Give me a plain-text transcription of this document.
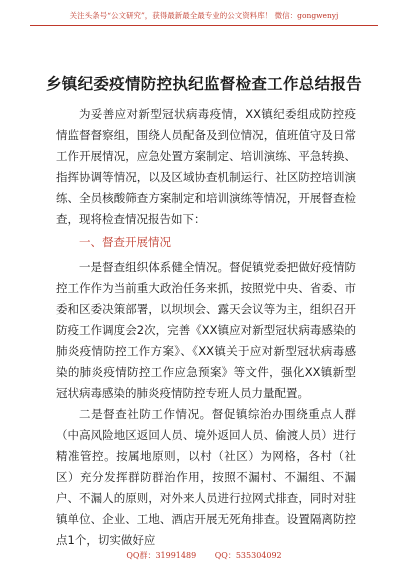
关注头条号“公文研究”，获得最新最全最专业的公文资料库！ 微信：gongwenyj
乡镇纪委疫情防控执纪监督检查工作总结报告

为妥善应对新型冠状病毒疫情，XX镇纪委组成防控疫情监督督察组，围绕人员配备及到位情况，值班值守及日常工作开展情况，应急处置方案制定、培训演练、平急转换、指挥协调等情况，以及区域协查机制运行、社区防控培训演练、全员核酸筛查方案制定和培训演练等情况，开展督查检查，现将检查情况报告如下：

一、督查开展情况

一是督查组织体系健全情况。督促镇党委把做好疫情防控工作作为当前重大政治任务来抓，按照党中央、省委、市委和区委决策部署，以坝坝会、露天会议等为主，组织召开防疫工作调度会2次，完善《XX镇应对新型冠状病毒感染的肺炎疫情防控工作方案》、《XX镇关于应对新型冠状病毒感染的肺炎疫情防控工作应急预案》等文件，强化XX镇新型冠状病毒感染的肺炎疫情防控专班人员力量配置。

二是督查社防工作情况。督促镇综治办围绕重点人群（中高风险地区返回人员、境外返回人员、偷渡人员）进行精准管控。按属地原则，以村（社区）为网格，各村（社区）充分发挥群防群治作用，按照不漏村、不漏组、不漏户、不漏人的原则，对外来人员进行拉网式排查，同时对驻镇单位、企业、工地、酒店开展无死角排查。设置隔离防控点1个，切实做好应

QQ群：31991489 QQ：535304092
